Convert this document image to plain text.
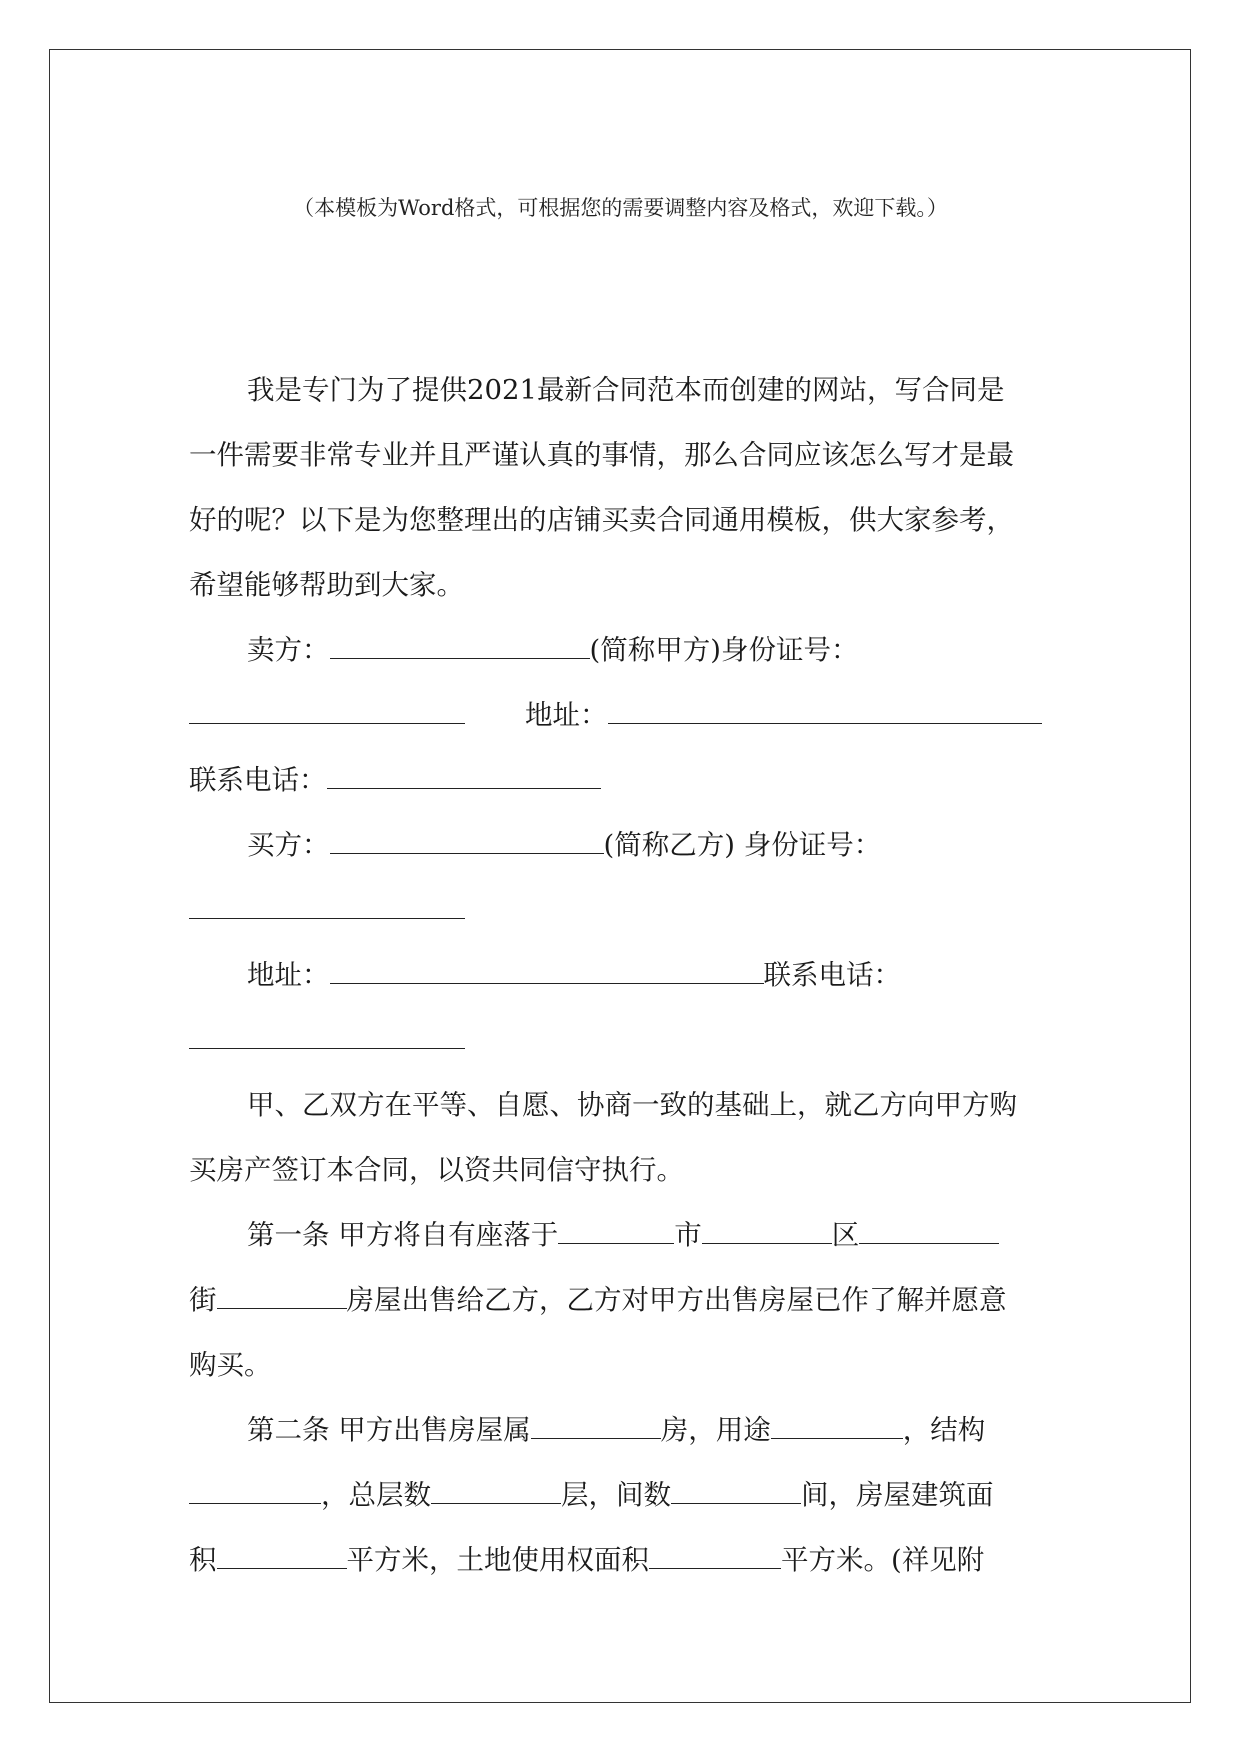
（本模板为Word格式，可根据您的需要调整内容及格式，欢迎下载。）
我是专门为了提供2021最新合同范本而创建的网站，写合同是
一件需要非常专业并且严谨认真的事情，那么合同应该怎么写才是最
好的呢？以下是为您整理出的店铺买卖合同通用模板，供大家参考，
希望能够帮助到大家。
卖方：	(简称甲方)身份证号：
地址：
联系电话：
买方：	(简称乙方) 身份证号：
地址：	联系电话：
甲、乙双方在平等、自愿、协商一致的基础上，就乙方向甲方购
买房产签订本合同，以资共同信守执行。
第一条 甲方将自有座落于	市	区
街	房屋出售给乙方，乙方对甲方出售房屋已作了解并愿意
购买。
第二条 甲方出售房屋属	房，用途	，结构
，总层数	层，间数	间，房屋建筑面
积	平方米，土地使用权面积	平方米。(祥见附
